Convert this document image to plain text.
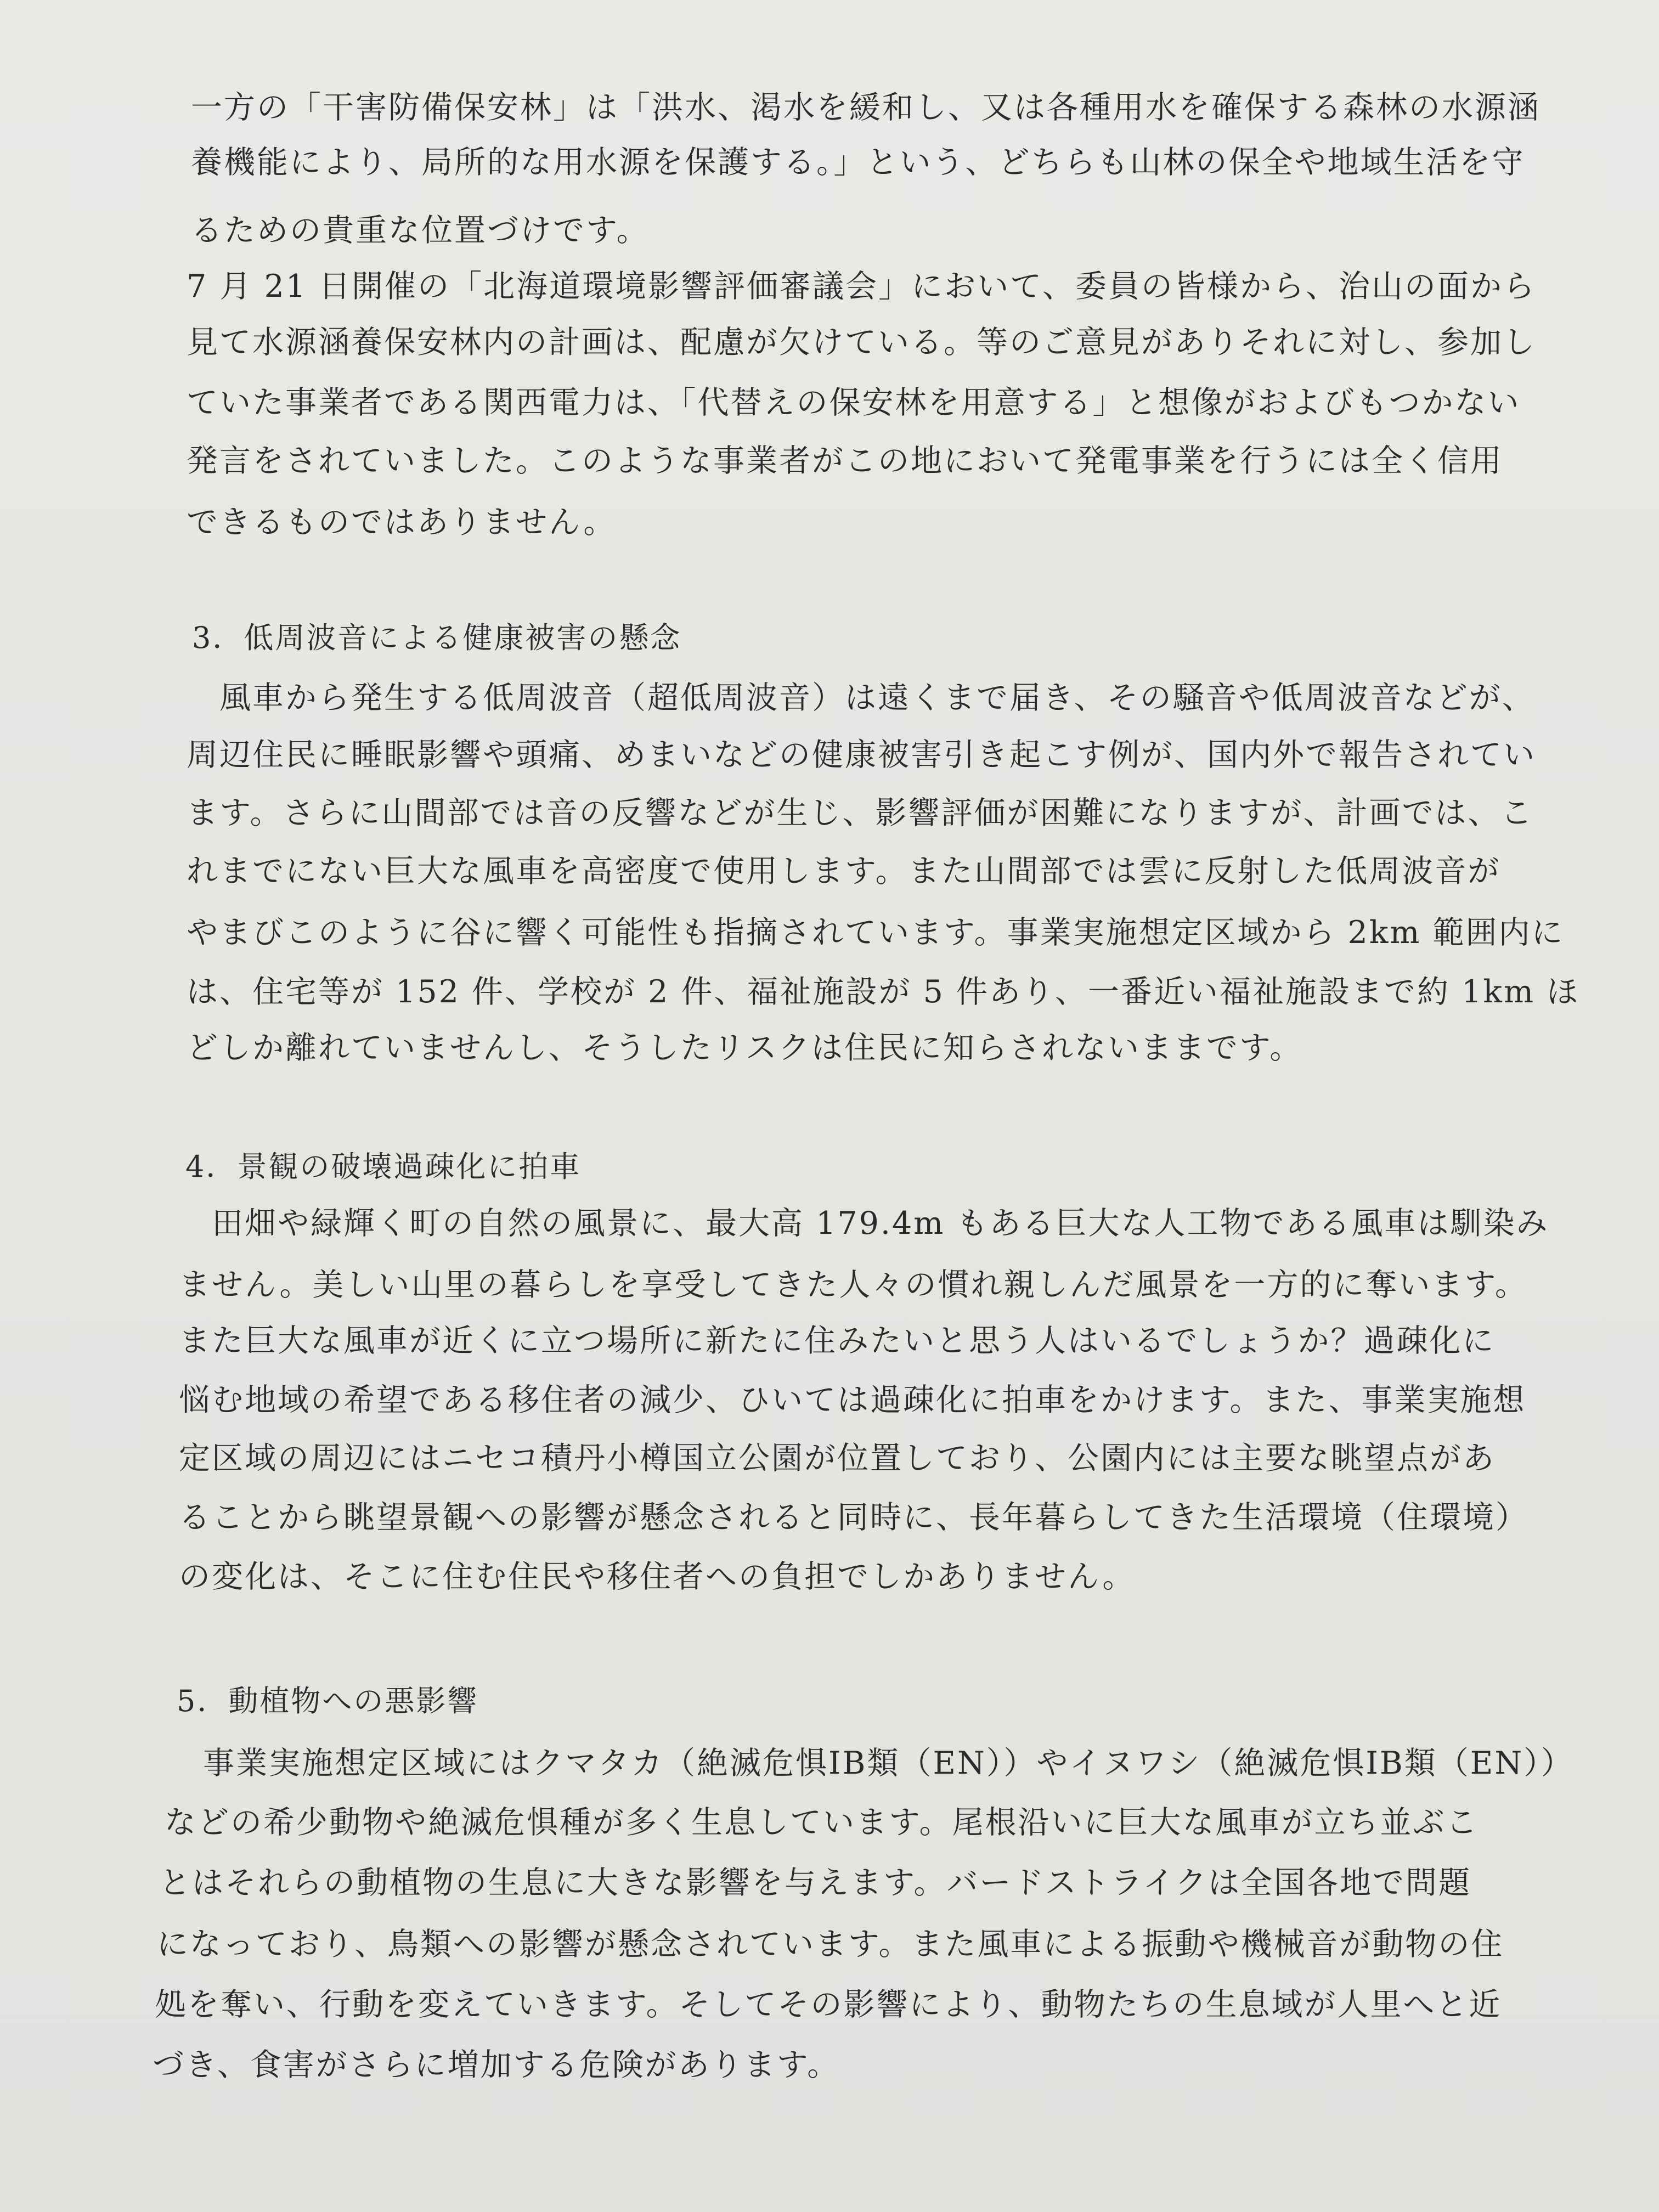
一方の「干害防備保安林」は「洪水、渇水を緩和し、又は各種用水を確保する森林の水源涵
養機能により、局所的な用水源を保護する。」という、どちらも山林の保全や地域生活を守
るための貴重な位置づけです。
7 月 21 日開催の「北海道環境影響評価審議会」において、委員の皆様から、治山の面から
見て水源涵養保安林内の計画は、配慮が欠けている。等のご意見がありそれに対し、参加し
ていた事業者である関西電力は、「代替えの保安林を用意する」と想像がおよびもつかない
発言をされていました。このような事業者がこの地において発電事業を行うには全く信用
できるものではありません。
3．低周波音による健康被害の懸念
風車から発生する低周波音（超低周波音）は遠くまで届き、その騒音や低周波音などが、
周辺住民に睡眠影響や頭痛、めまいなどの健康被害引き起こす例が、国内外で報告されてい
ます。さらに山間部では音の反響などが生じ、影響評価が困難になりますが、計画では、こ
れまでにない巨大な風車を高密度で使用します。また山間部では雲に反射した低周波音が
やまびこのように谷に響く可能性も指摘されています。事業実施想定区域から 2km 範囲内に
は、住宅等が 152 件、学校が 2 件、福祉施設が 5 件あり、一番近い福祉施設まで約 1km ほ
どしか離れていませんし、そうしたリスクは住民に知らされないままです。
4．景観の破壊過疎化に拍車
田畑や緑輝く町の自然の風景に、最大高 179.4m もある巨大な人工物である風車は馴染み
ません。美しい山里の暮らしを享受してきた人々の慣れ親しんだ風景を一方的に奪います。
また巨大な風車が近くに立つ場所に新たに住みたいと思う人はいるでしょうか？過疎化に
悩む地域の希望である移住者の減少、ひいては過疎化に拍車をかけます。また、事業実施想
定区域の周辺にはニセコ積丹小樽国立公園が位置しており、公園内には主要な眺望点があ
ることから眺望景観への影響が懸念されると同時に、長年暮らしてきた生活環境（住環境）
の変化は、そこに住む住民や移住者への負担でしかありません。
5．動植物への悪影響
事業実施想定区域にはクマタカ（絶滅危惧IB類（EN））やイヌワシ（絶滅危惧IB類（EN））
などの希少動物や絶滅危惧種が多く生息しています。尾根沿いに巨大な風車が立ち並ぶこ
とはそれらの動植物の生息に大きな影響を与えます。バードストライクは全国各地で問題
になっており、鳥類への影響が懸念されています。また風車による振動や機械音が動物の住
処を奪い、行動を変えていきます。そしてその影響により、動物たちの生息域が人里へと近
づき、食害がさらに増加する危険があります。
